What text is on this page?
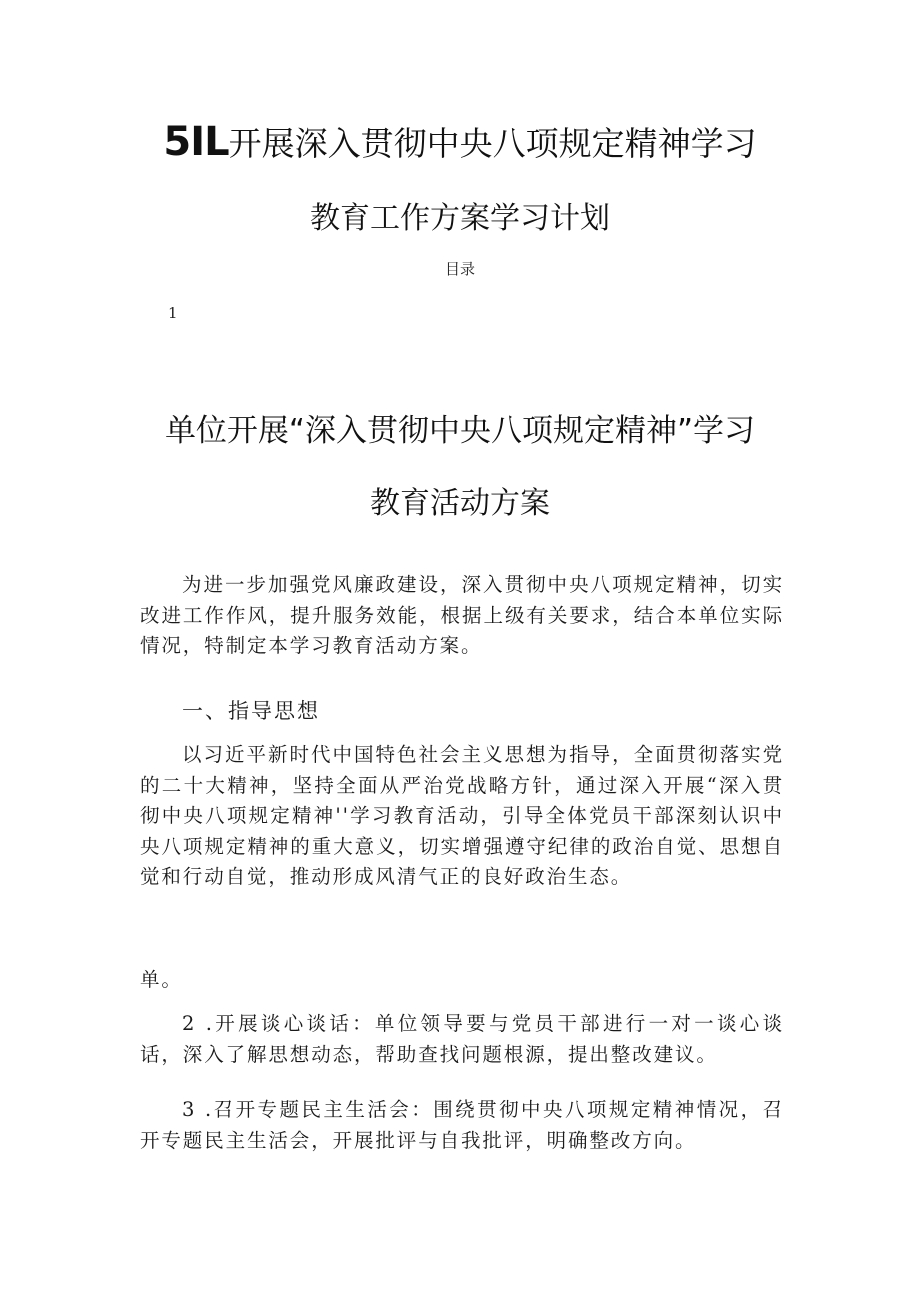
5IL开展深入贯彻中央八项规定精神学习
教育工作方案学习计划
目录
1
单位开展“深入贯彻中央八项规定精神”学习
教育活动方案
为进一步加强党风廉政建设，深入贯彻中央八项规定精神，切实改进工作作风，提升服务效能，根据上级有关要求，结合本单位实际情况，特制定本学习教育活动方案。
一、指导思想
以习近平新时代中国特色社会主义思想为指导，全面贯彻落实党的二十大精神，坚持全面从严治党战略方针，通过深入开展“深入贯彻中央八项规定精神''学习教育活动，引导全体党员干部深刻认识中央八项规定精神的重大意义，切实增强遵守纪律的政治自觉、思想自觉和行动自觉，推动形成风清气正的良好政治生态。
单。
2 .开展谈心谈话：单位领导要与党员干部进行一对一谈心谈话，深入了解思想动态，帮助查找问题根源，提出整改建议。
3 .召开专题民主生活会：围绕贯彻中央八项规定精神情况，召开专题民主生活会，开展批评与自我批评，明确整改方向。
